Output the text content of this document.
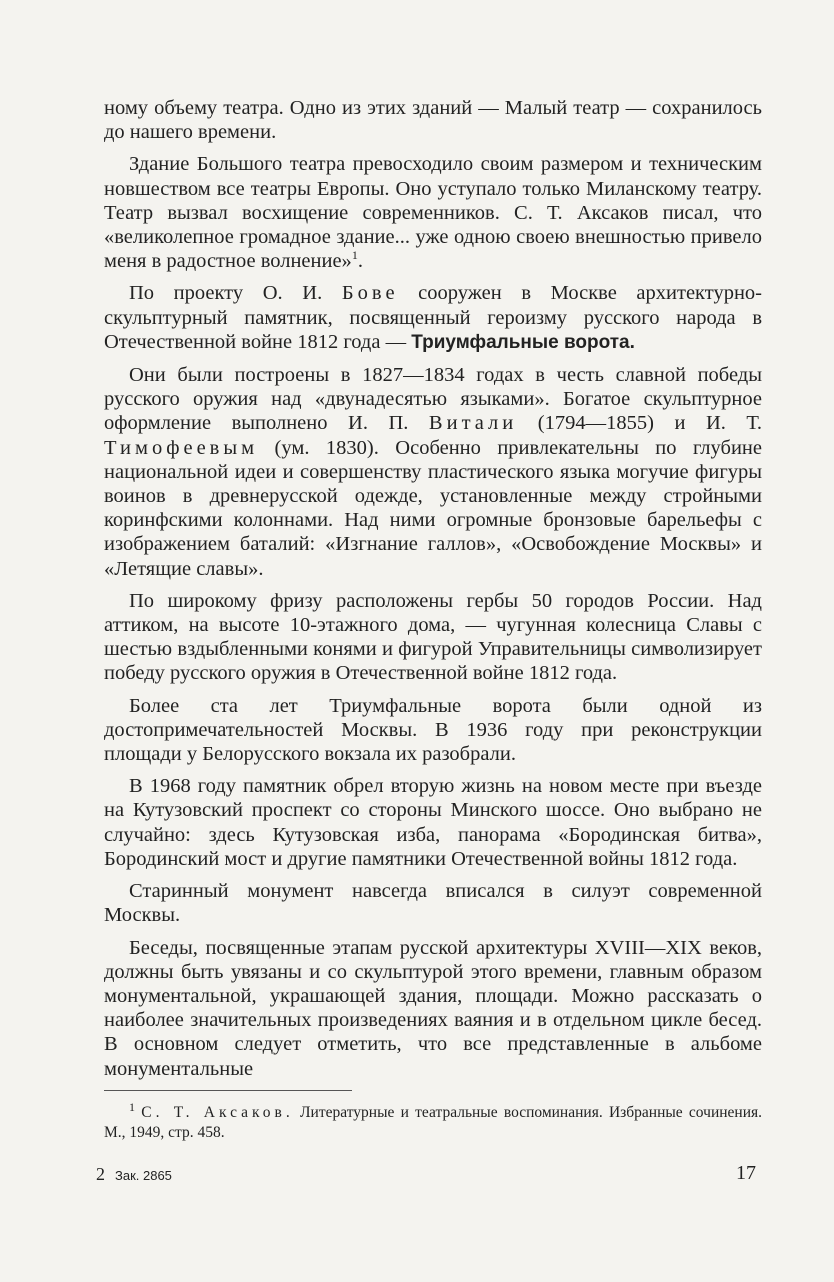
ному объему театра. Одно из этих зданий — Малый театр — сохранилось до нашего времени.

Здание Большого театра превосходило своим размером и техническим новшеством все театры Европы. Оно уступало только Миланскому театру. Театр вызвал восхищение современников. С. Т. Аксаков писал, что «великолепное громадное здание... уже одною своею внешностью привело меня в радостное волнение»$^1$.

По проекту О. И. Бове сооружен в Москве архитектурно-скульптурный памятник, посвященный героизму русского народа в Отечественной войне 1812 года — Триумфальные ворота.

Они были построены в 1827—1834 годах в честь славной победы русского оружия над «двунадесятью языками». Богатое скульптурное оформление выполнено И. П. Витали (1794—1855) и И. Т. Тимофеевым (ум. 1830). Особенно привлекательны по глубине национальной идеи и совершенству пластического языка могучие фигуры воинов в древнерусской одежде, установленные между стройными коринфскими колоннами. Над ними огромные бронзовые барельефы с изображением баталий: «Изгнание галлов», «Освобождение Москвы» и «Летящие славы».

По широкому фризу расположены гербы 50 городов России. Над аттиком, на высоте 10-этажного дома, — чугунная колесница Славы с шестью вздыбленными конями и фигурой Управительницы символизирует победу русского оружия в Отечественной войне 1812 года.

Более ста лет Триумфальные ворота были одной из достопримечательностей Москвы. В 1936 году при реконструкции площади у Белорусского вокзала их разобрали.

В 1968 году памятник обрел вторую жизнь на новом месте при въезде на Кутузовский проспект со стороны Минского шоссе. Оно выбрано не случайно: здесь Кутузовская изба, панорама «Бородинская битва», Бородинский мост и другие памятники Отечественной войны 1812 года.

Старинный монумент навсегда вписался в силуэт современной Москвы.

Беседы, посвященные этапам русской архитектуры XVIII—XIX веков, должны быть увязаны и со скульптурой этого времени, главным образом монументальной, украшающей здания, площади. Можно рассказать о наиболее значительных произведениях ваяния и в отдельном цикле бесед. В основном следует отметить, что все представленные в альбоме монументальные

$^1$ С. Т. Аксаков. Литературные и театральные воспоминания. Избранные сочинения. М., 1949, стр. 458.
2 Зак. 2865	17
